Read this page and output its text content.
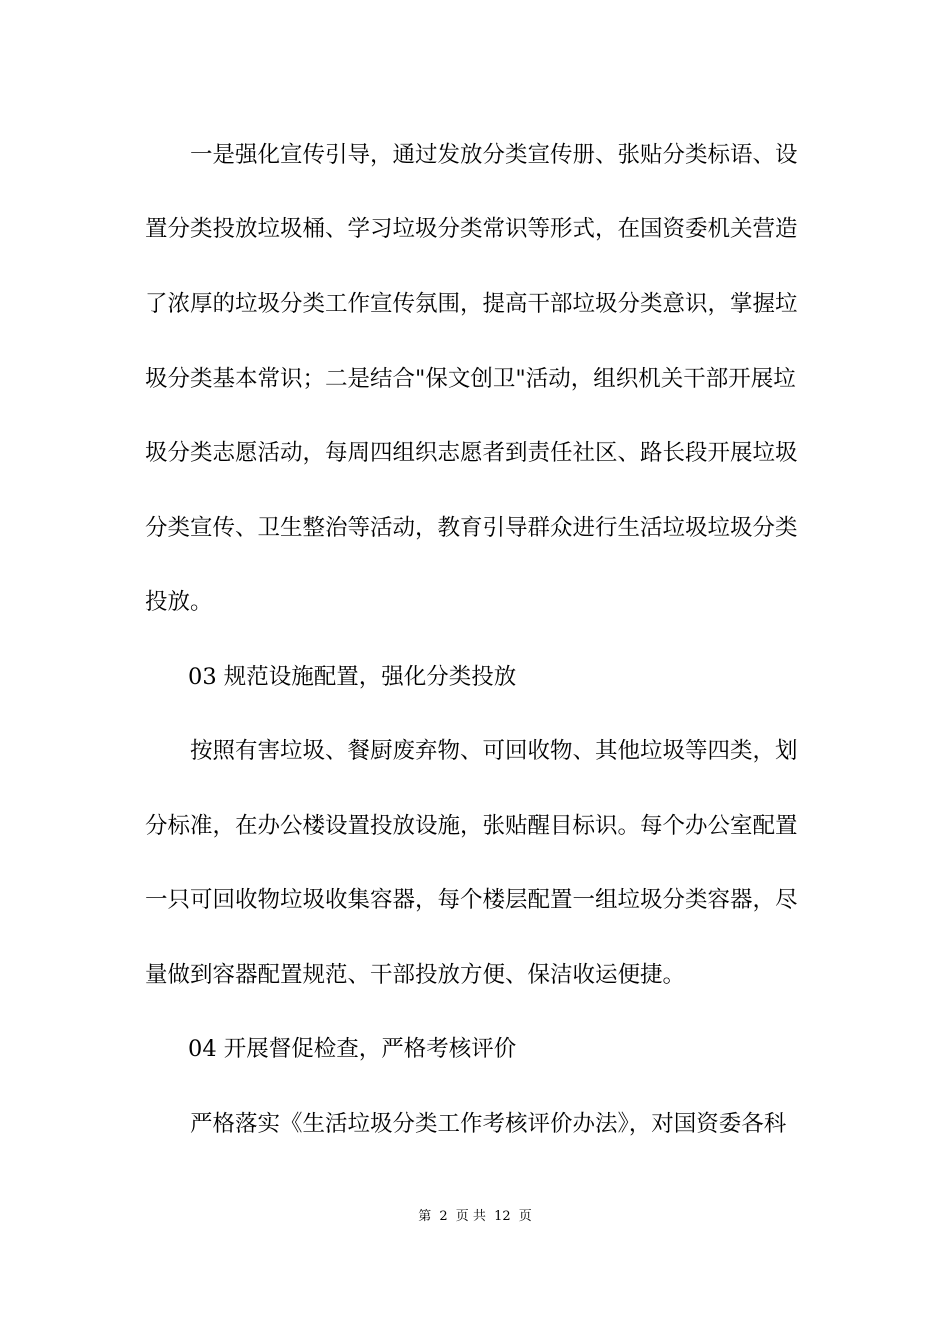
一是强化宣传引导，通过发放分类宣传册、张贴分类标语、设
置分类投放垃圾桶、学习垃圾分类常识等形式，在国资委机关营造
了浓厚的垃圾分类工作宣传氛围，提高干部垃圾分类意识，掌握垃
圾分类基本常识；二是结合"保文创卫"活动，组织机关干部开展垃
圾分类志愿活动，每周四组织志愿者到责任社区、路长段开展垃圾
分类宣传、卫生整治等活动，教育引导群众进行生活垃圾垃圾分类
投放。
03 规范设施配置，强化分类投放
按照有害垃圾、餐厨废弃物、可回收物、其他垃圾等四类，划
分标准，在办公楼设置投放设施，张贴醒目标识。每个办公室配置
一只可回收物垃圾收集容器，每个楼层配置一组垃圾分类容器，尽
量做到容器配置规范、干部投放方便、保洁收运便捷。
04 开展督促检查，严格考核评价
严格落实《生活垃圾分类工作考核评价办法》，对国资委各科
第 2 页 共 12 页
